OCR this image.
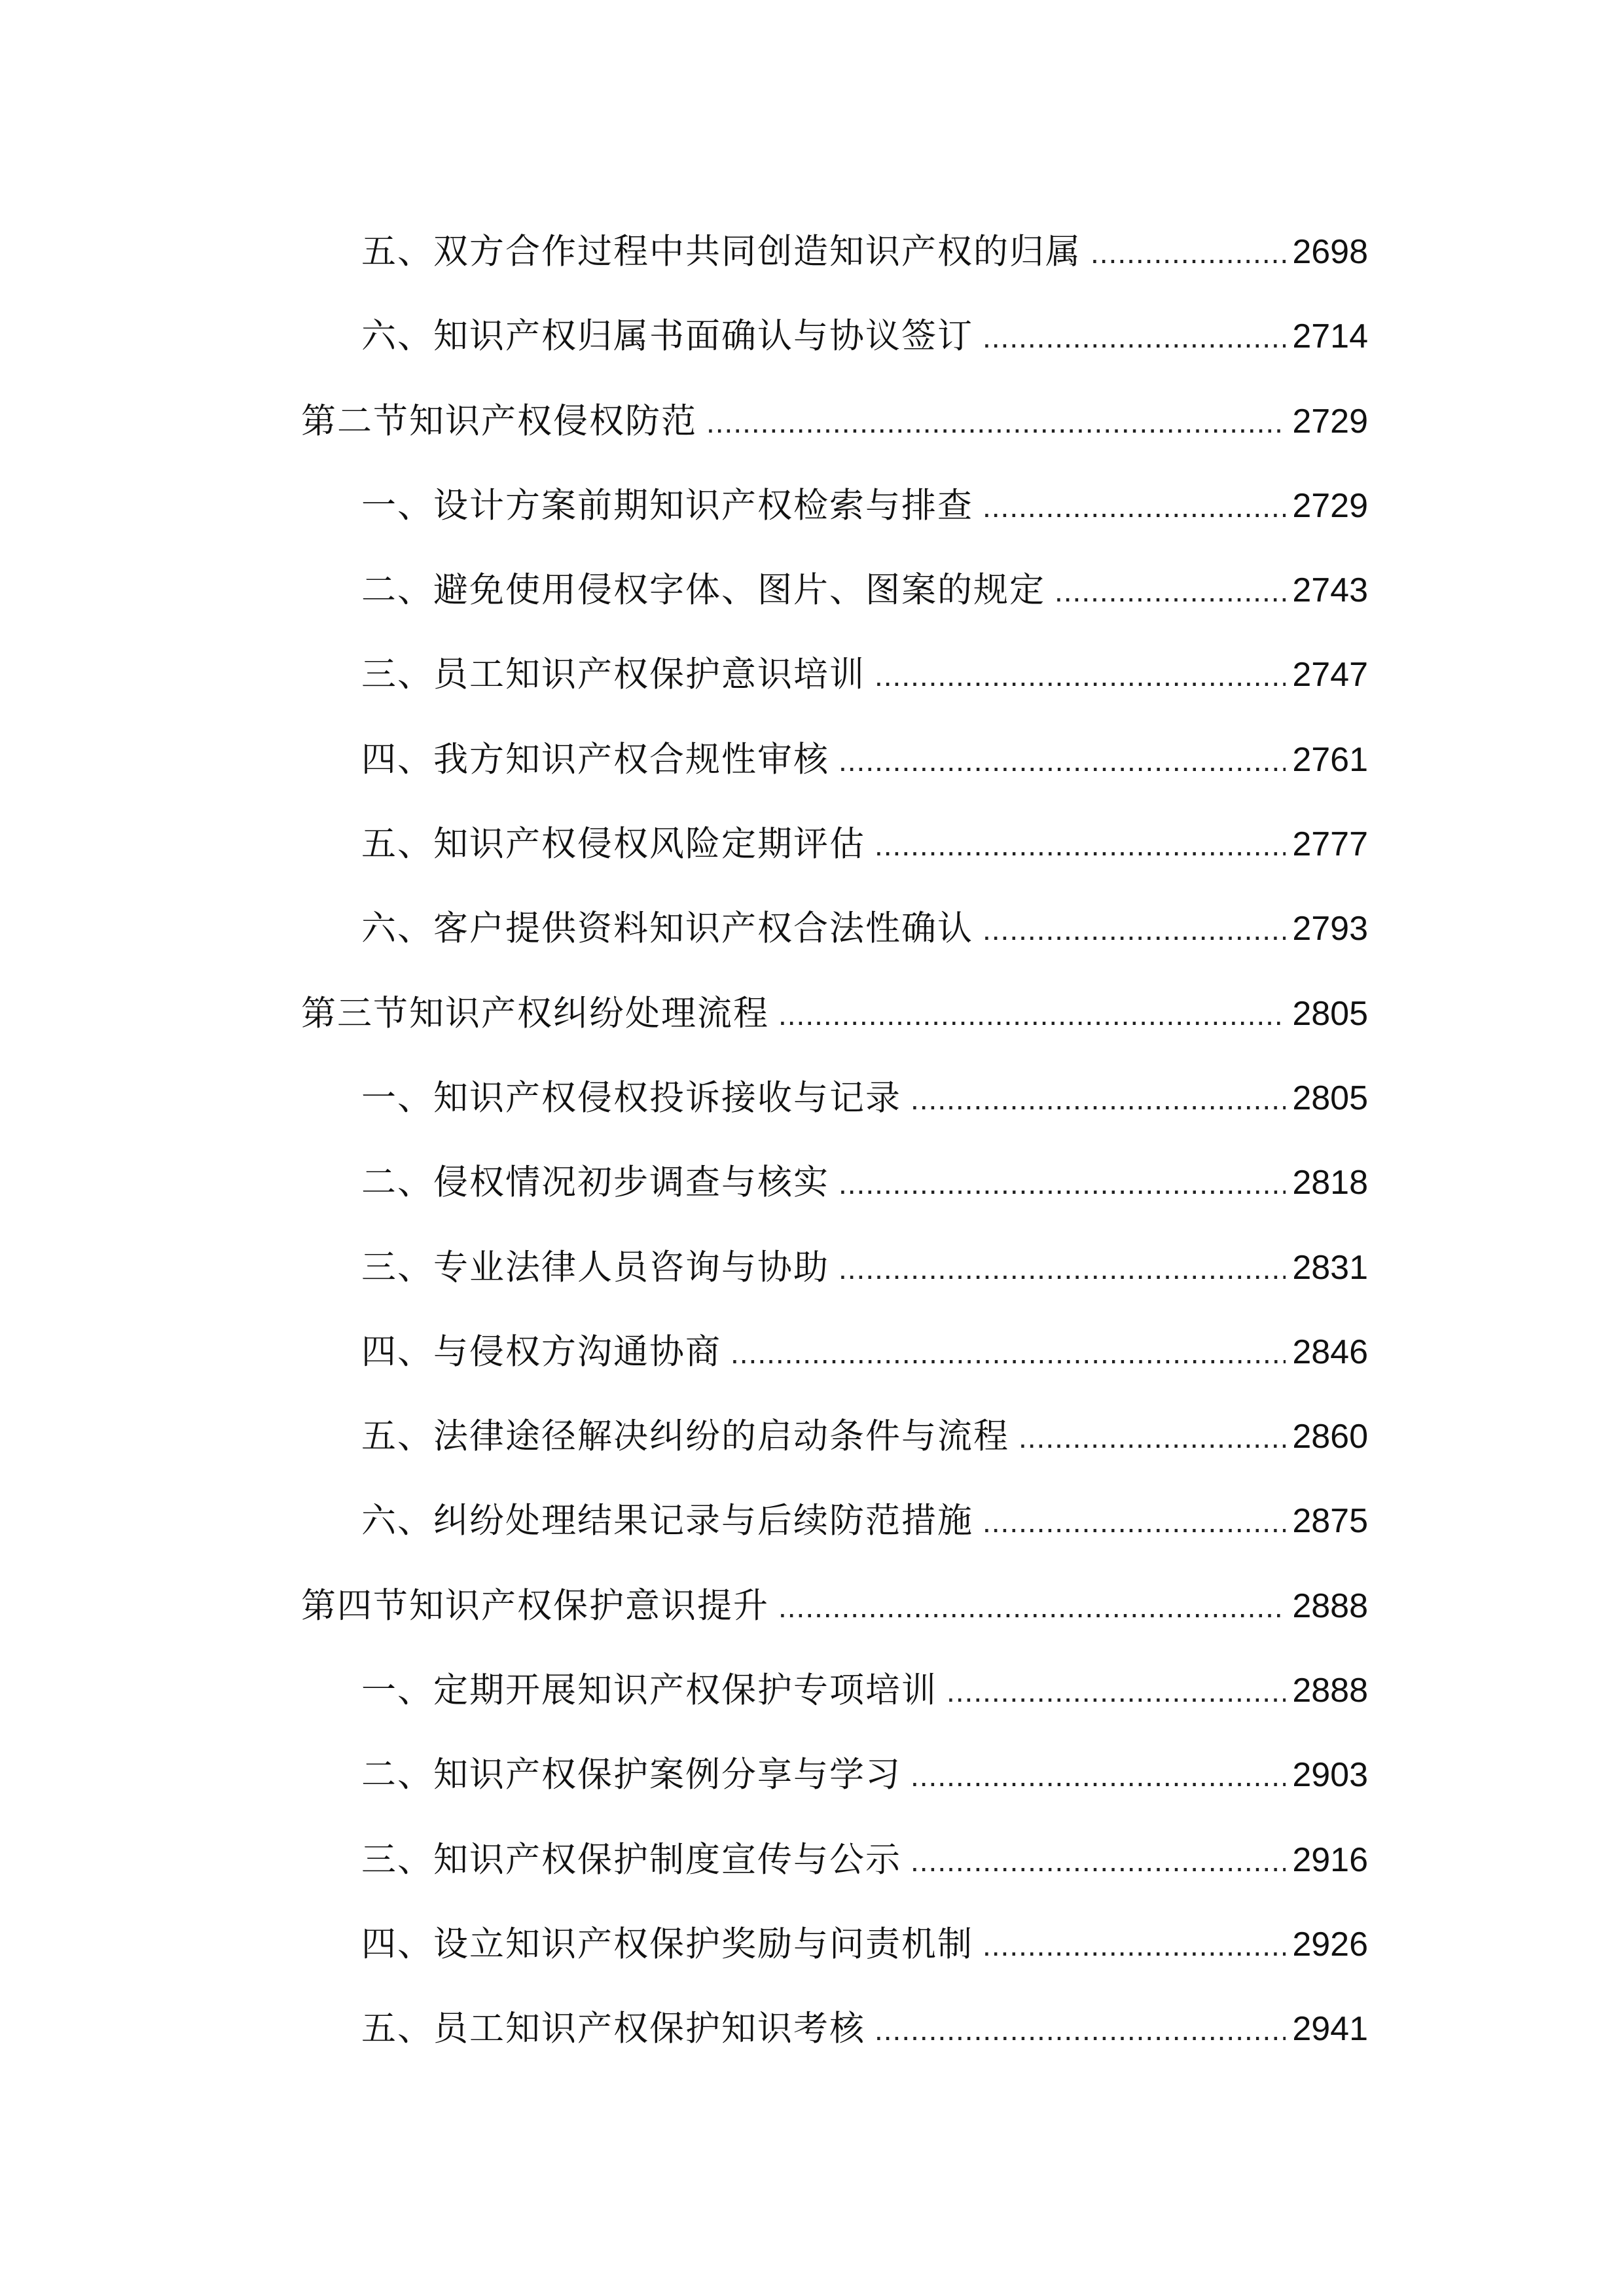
五、双方合作过程中共同创造知识产权的归属 .....	2698
六、知识产权归属书面确认与协议签订 .....	2714
第二节知识产权侵权防范 .....	2729
一、设计方案前期知识产权检索与排查 .....	2729
二、避免使用侵权字体、图片、图案的规定 .....	2743
三、员工知识产权保护意识培训 .....	2747
四、我方知识产权合规性审核 .....	2761
五、知识产权侵权风险定期评估 .....	2777
六、客户提供资料知识产权合法性确认 .....	2793
第三节知识产权纠纷处理流程 .....	2805
一、知识产权侵权投诉接收与记录 .....	2805
二、侵权情况初步调查与核实 .....	2818
三、专业法律人员咨询与协助 .....	2831
四、与侵权方沟通协商 .....	2846
五、法律途径解决纠纷的启动条件与流程 .....	2860
六、纠纷处理结果记录与后续防范措施 .....	2875
第四节知识产权保护意识提升 .....	2888
一、定期开展知识产权保护专项培训 .....	2888
二、知识产权保护案例分享与学习 .....	2903
三、知识产权保护制度宣传与公示 .....	2916
四、设立知识产权保护奖励与问责机制 .....	2926
五、员工知识产权保护知识考核 .....	2941
